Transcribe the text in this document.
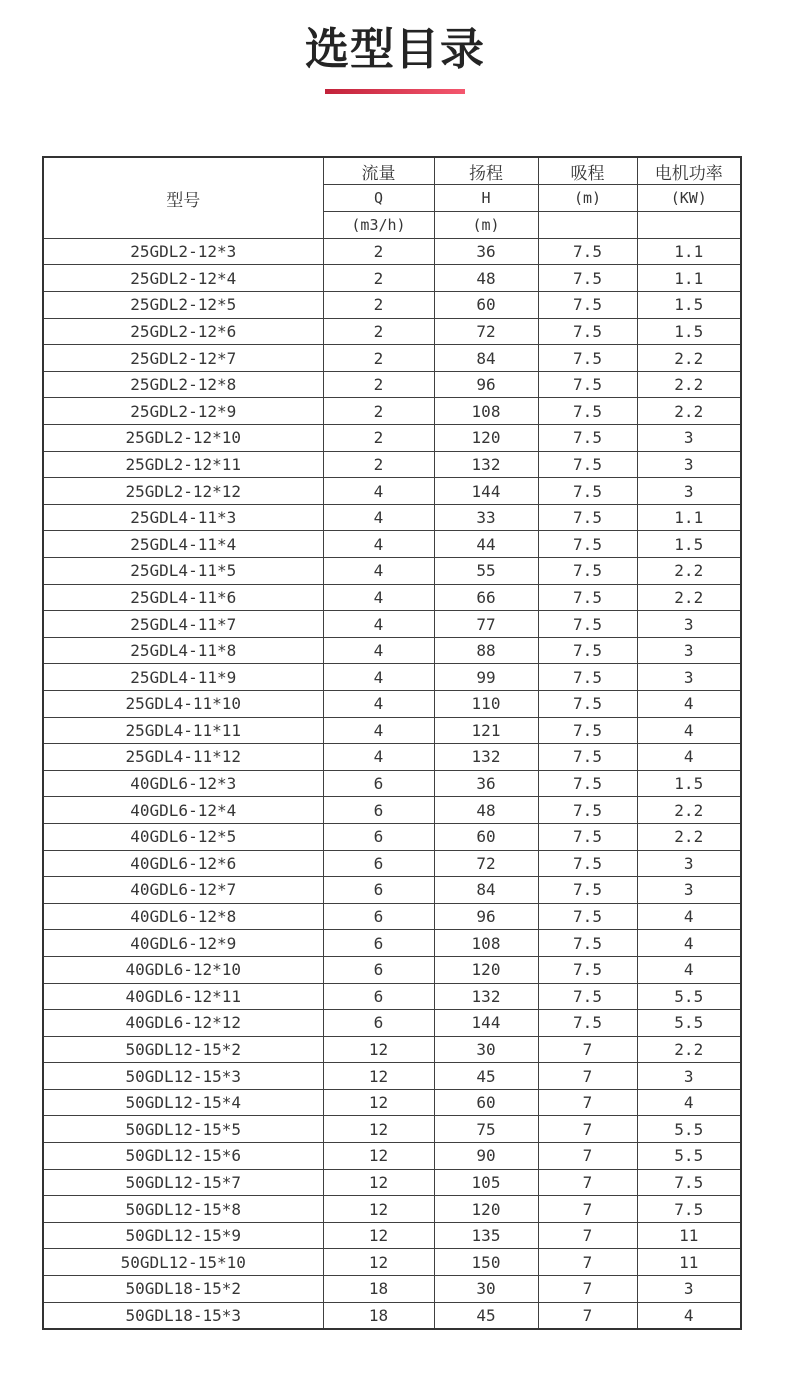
选型目录
型号	流量	扬程	吸程	电机功率
	Q	H	(m)	(KW)
	(m3/h)	(m)		
25GDL2-12*3	2	36	7.5	1.1
25GDL2-12*4	2	48	7.5	1.1
25GDL2-12*5	2	60	7.5	1.5
25GDL2-12*6	2	72	7.5	1.5
25GDL2-12*7	2	84	7.5	2.2
25GDL2-12*8	2	96	7.5	2.2
25GDL2-12*9	2	108	7.5	2.2
25GDL2-12*10	2	120	7.5	3
25GDL2-12*11	2	132	7.5	3
25GDL2-12*12	4	144	7.5	3
25GDL4-11*3	4	33	7.5	1.1
25GDL4-11*4	4	44	7.5	1.5
25GDL4-11*5	4	55	7.5	2.2
25GDL4-11*6	4	66	7.5	2.2
25GDL4-11*7	4	77	7.5	3
25GDL4-11*8	4	88	7.5	3
25GDL4-11*9	4	99	7.5	3
25GDL4-11*10	4	110	7.5	4
25GDL4-11*11	4	121	7.5	4
25GDL4-11*12	4	132	7.5	4
40GDL6-12*3	6	36	7.5	1.5
40GDL6-12*4	6	48	7.5	2.2
40GDL6-12*5	6	60	7.5	2.2
40GDL6-12*6	6	72	7.5	3
40GDL6-12*7	6	84	7.5	3
40GDL6-12*8	6	96	7.5	4
40GDL6-12*9	6	108	7.5	4
40GDL6-12*10	6	120	7.5	4
40GDL6-12*11	6	132	7.5	5.5
40GDL6-12*12	6	144	7.5	5.5
50GDL12-15*2	12	30	7	2.2
50GDL12-15*3	12	45	7	3
50GDL12-15*4	12	60	7	4
50GDL12-15*5	12	75	7	5.5
50GDL12-15*6	12	90	7	5.5
50GDL12-15*7	12	105	7	7.5
50GDL12-15*8	12	120	7	7.5
50GDL12-15*9	12	135	7	11
50GDL12-15*10	12	150	7	11
50GDL18-15*2	18	30	7	3
50GDL18-15*3	18	45	7	4
